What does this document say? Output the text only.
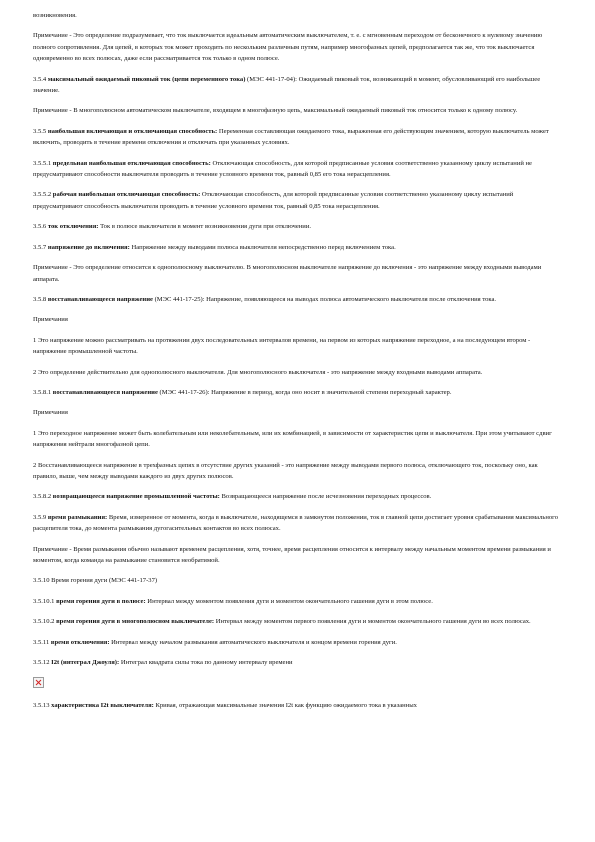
возникновения.

Примечание - Это определение подразумевает, что ток выключается идеальным автоматическим выключателем, т. е. с мгновенным переходом от бесконечного к нулевому значению полного сопротивления. Для цепей, в которых ток может проходить по нескольким различным путям, например многофазных цепей, предполагается так же, что ток выключается одновременно во всех полюсах, даже если рассматривается ток только в одном полюсе.

3.5.4 максимальный ожидаемый пиковый ток (цепи переменного тока) (МЭС 441-17-04): Ожидаемый пиковый ток, возникающий в момент, обусловливающий его наибольшее значение.

Примечание - В многополюсном автоматическом выключателе, входящем в многофазную цепь, максимальный ожидаемый пиковый ток относится только к одному полюсу.

3.5.5 наибольшая включающая и отключающая способность: Переменная составляющая ожидаемого тока, выраженная его действующим значением, которую выключатель может включить, проводить в течение времени отключения и отключать при указанных условиях.

3.5.5.1 предельная наибольшая отключающая способность: Отключающая способность, для которой предписанные условия соответственно указанному циклу испытаний не предусматривают способности выключателя проводить в течение условного времени ток, равный 0,85 его тока нерасцепления.

3.5.5.2 рабочая наибольшая отключающая способность: Отключающая способность, для которой предписанные условия соответственно указанному циклу испытаний предусматривают способность выключателя проводить в течение условного времени ток, равный 0,85 тока нерасцепления.

3.5.6 ток отключения: Ток в полюсе выключателя в момент возникновения дуги при отключении.

3.5.7 напряжение до включения: Напряжение между выводами полюса выключателя непосредственно перед включением тока.

Примечание - Это определение относится к однополюсному выключателю. В многополюсном выключателе напряжение до включения - это напряжение между входными выводами аппарата.

3.5.8 восстанавливающееся напряжение (МЭС 441-17-25): Напряжение, появляющееся на выводах полюса автоматического выключателя после отключения тока.

Примечания

1 Это напряжение можно рассматривать на протяжении двух последовательных интервалов времени, на первом из которых напряжение переходное, а на последующем втором - напряжение промышленной частоты.

2 Это определение действительно для однополюсного выключателя. Для многополюсного выключателя - это напряжение между входными выводами аппарата.

3.5.8.1 восстанавливающееся напряжение (МЭС 441-17-26): Напряжение в период, когда оно носит в значительной степени переходный характер.

Примечания

1 Это переходное напряжение может быть колебательным или неколебательным, или их комбинацией, в зависимости от характеристик цепи и выключателя. При этом учитывают сдвиг напряжения нейтрали многофазной цепи.

2 Восстанавливающееся напряжение в трехфазных цепях в отсутствие других указаний - это напряжение между выводами первого полюса, отключающего ток, поскольку оно, как правило, выше, чем между выводами каждого из двух других полюсов.

3.5.8.2 возвращающееся напряжение промышленной частоты: Возвращающееся напряжение после исчезновения переходных процессов.

3.5.9 время размыкания: Время, измеренное от момента, когда в выключателе, находящемся в замкнутом положении, ток в главной цепи достигает уровня срабатывания максимального расцепителя тока, до момента размыкания дугогасительных контактов во всех полюсах.

Примечание - Время размыкания обычно называют временем расцепления, хотя, точнее, время расцепления относится к интервалу между начальным моментом времени размыкания и моментом, когда команда на размыкание становится необратимой.

3.5.10 Время горения дуги (МЭС 441-17-37)

3.5.10.1 время горения дуги в полюсе: Интервал между моментом появления дуги и моментом окончательного гашения дуги в этом полюсе.

3.5.10.2 время горения дуги в многополюсном выключателе: Интервал между моментом первого появления дуги и моментом окончательного гашения дуги во всех полюсах.

3.5.11 время отключения: Интервал между началом размыкания автоматического выключателя и концом времени горения дуги.

3.5.12 I2t (интеграл Джоуля): Интеграл квадрата силы тока по данному интервалу времени

3.5.13 характеристика I2t выключателя: Кривая, отражающая максимальные значения I2t как функцию ожидаемого тока в указанных
